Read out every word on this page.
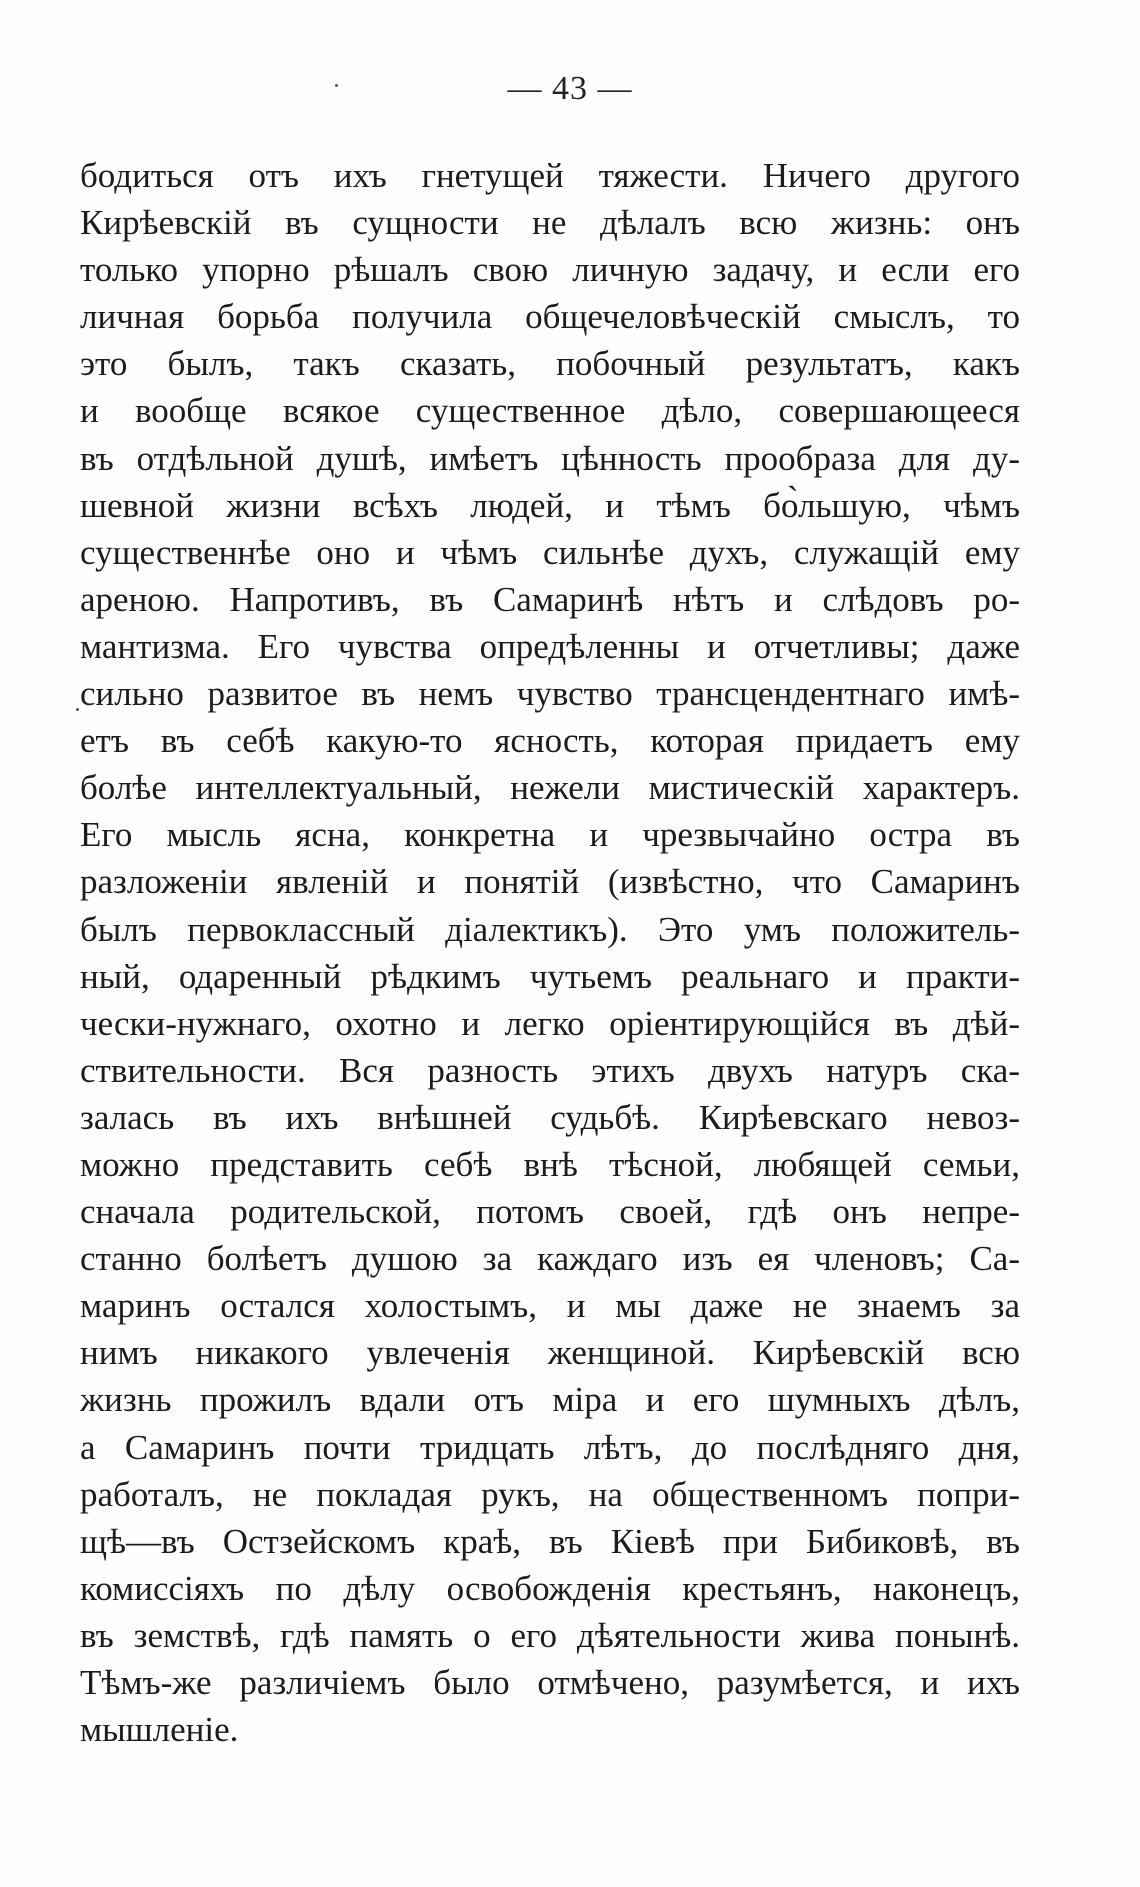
— 43 —
бодиться отъ ихъ гнетущей тяжести. Ничего другого
Кирѣевскій въ сущности не дѣлалъ всю жизнь: онъ
только упорно рѣшалъ свою личную задачу, и если его
личная борьба получила общечеловѣческій смыслъ, то
это былъ, такъ сказать, побочный результатъ, какъ
и вообще всякое существенное дѣло, совершающееся
въ отдѣльной душѣ, имѣетъ цѣнность прообраза для ду-
шевной жизни всѣхъ людей, и тѣмъ бо̀льшую, чѣмъ
существеннѣе оно и чѣмъ сильнѣе духъ, служащій ему
ареною. Напротивъ, въ Самаринѣ нѣтъ и слѣдовъ ро-
мантизма. Его чувства опредѣленны и отчетливы; даже
сильно развитое въ немъ чувство трансцендентнаго имѣ-
етъ въ себѣ какую-то ясность, которая придаетъ ему
болѣе интеллектуальный, нежели мистическій характеръ.
Его мысль ясна, конкретна и чрезвычайно остра въ
разложеніи явленій и понятій (извѣстно, что Самаринъ
былъ первоклассный діалектикъ). Это умъ положитель-
ный, одаренный рѣдкимъ чутьемъ реальнаго и практи-
чески-нужнаго, охотно и легко оріентирующійся въ дѣй-
ствительности. Вся разность этихъ двухъ натуръ ска-
залась въ ихъ внѣшней судьбѣ. Кирѣевскаго невоз-
можно представить себѣ внѣ тѣсной, любящей семьи,
сначала родительской, потомъ своей, гдѣ онъ непре-
станно болѣетъ душою за каждаго изъ ея членовъ; Са-
маринъ остался холостымъ, и мы даже не знаемъ за
нимъ никакого увлеченія женщиной. Кирѣевскій всю
жизнь прожилъ вдали отъ міра и его шумныхъ дѣлъ,
а Самаринъ почти тридцать лѣтъ, до послѣдняго дня,
работалъ, не покладая рукъ, на общественномъ попри-
щѣ—въ Остзейскомъ краѣ, въ Кіевѣ при Бибиковѣ, въ
комиссіяхъ по дѣлу освобожденія крестьянъ, наконецъ,
въ земствѣ, гдѣ память о его дѣятельности жива понынѣ.
Тѣмъ-же различіемъ было отмѣчено, разумѣется, и ихъ
мышленіе.
